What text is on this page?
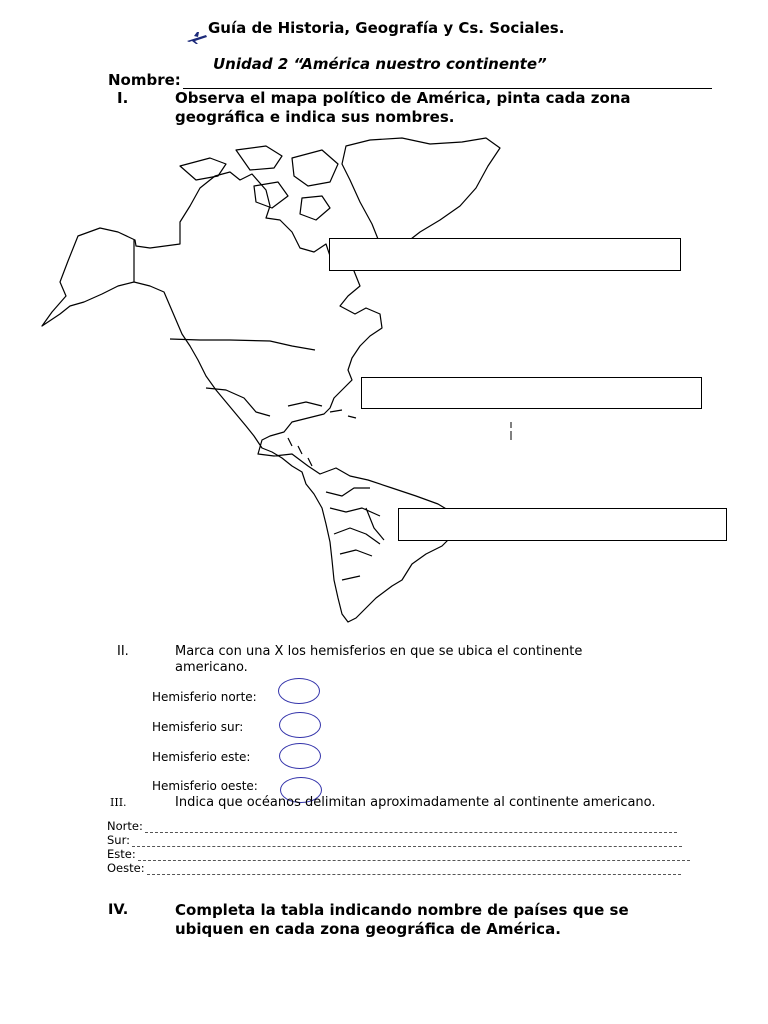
Guía de Historia, Geografía y Cs. Sociales.
Unidad 2 “América nuestro continente”
Nombre:
I.	Observa el mapa político de América, pinta cada zona geográfica e indica sus nombres.
II.	Marca con una X los hemisferios en que se ubica el continente americano.
Hemisferio norte:
Hemisferio sur:
Hemisferio este:
Hemisferio oeste:
III.	Indica que océanos delimitan aproximadamente al continente americano.
Norte:
Sur:
Este:
Oeste:
IV.	Completa la tabla indicando nombre de países que se ubiquen en cada zona geográfica de América.
